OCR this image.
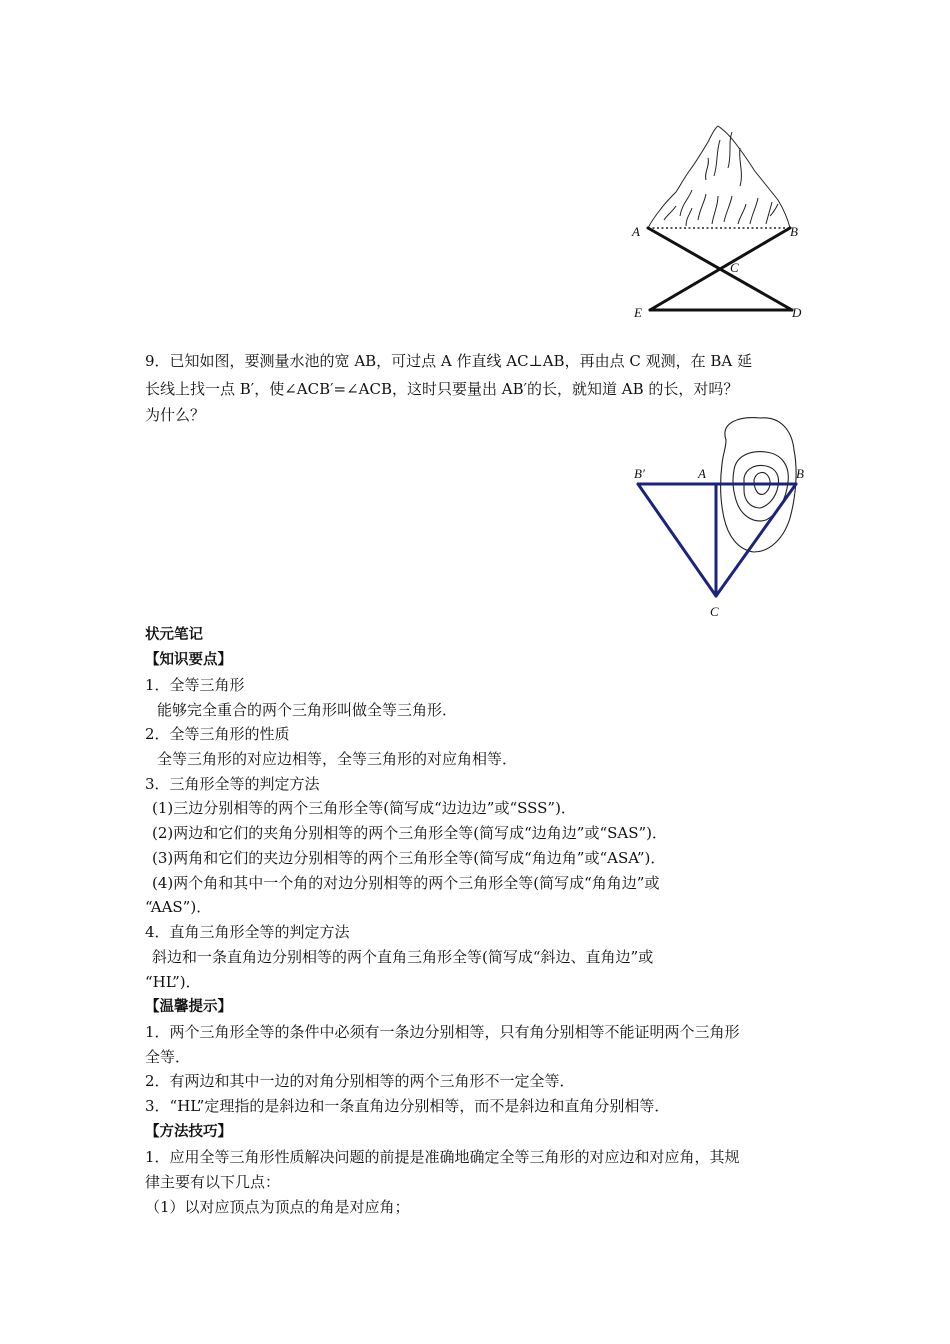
A	B
C
E	D
9．已知如图，要测量水池的宽 AB，可过点 A 作直线 AC⊥AB，再由点 C 观测，在 BA 延
长线上找一点 B′，使∠ACB′=∠ACB，这时只要量出 AB′的长，就知道 AB 的长，对吗？
为什么？
B′	A	B
C
状元笔记
【知识要点】
1．全等三角形
能够完全重合的两个三角形叫做全等三角形．
2．全等三角形的性质
全等三角形的对应边相等，全等三角形的对应角相等．
3．三角形全等的判定方法
(1)三边分别相等的两个三角形全等(简写成“边边边”或“SSS”)．
(2)两边和它们的夹角分别相等的两个三角形全等(简写成“边角边”或“SAS”)．
(3)两角和它们的夹边分别相等的两个三角形全等(简写成“角边角”或“ASA”)．
(4)两个角和其中一个角的对边分别相等的两个三角形全等(简写成“角角边”或
“AAS”)．
4．直角三角形全等的判定方法
斜边和一条直角边分别相等的两个直角三角形全等(简写成“斜边、直角边”或
“HL”)．
【温馨提示】
1．两个三角形全等的条件中必须有一条边分别相等，只有角分别相等不能证明两个三角形
全等．
2．有两边和其中一边的对角分别相等的两个三角形不一定全等．
3．“HL”定理指的是斜边和一条直角边分别相等，而不是斜边和直角分别相等．
【方法技巧】
1．应用全等三角形性质解决问题的前提是准确地确定全等三角形的对应边和对应角，其规
律主要有以下几点：
（1）以对应顶点为顶点的角是对应角；
